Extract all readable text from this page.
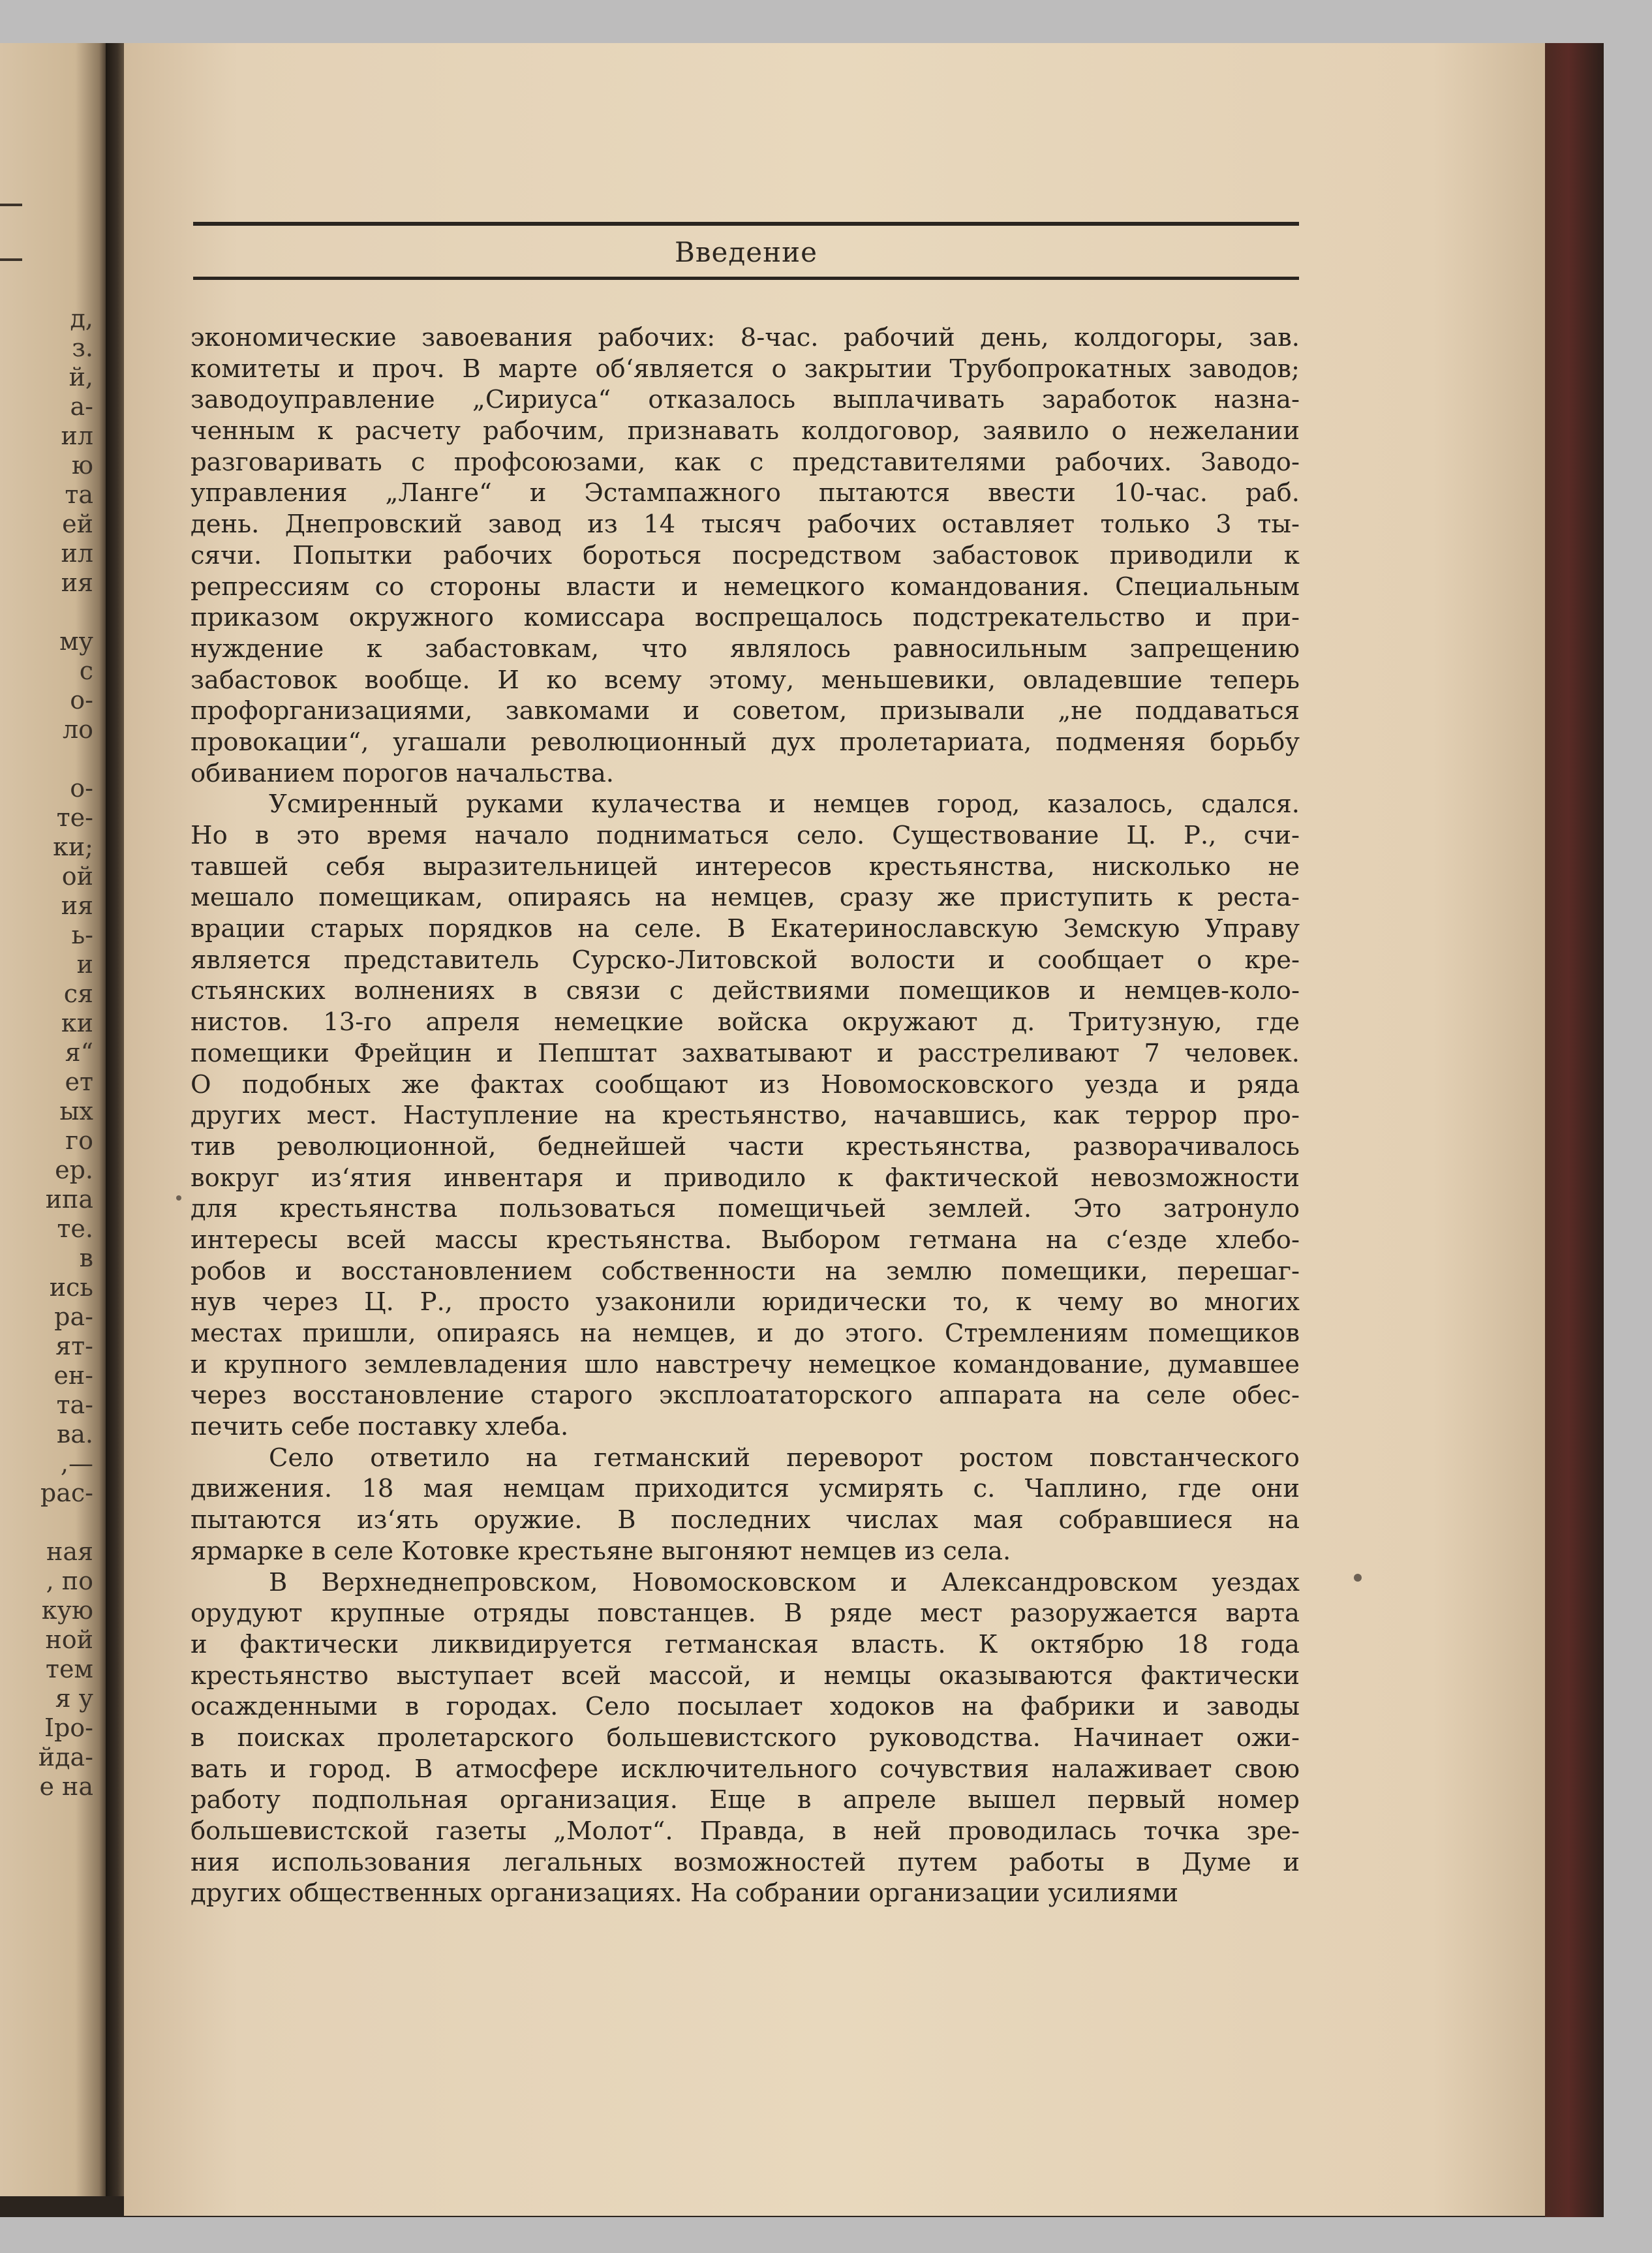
д,
з.
й,
а-
ил
ю
та
ей
ил
ия
му
с
о-
ло
о-
те-
ки;
ой
ия
ь-
и
ся
ки
я“
ет
ых
го
ер.
ипа
те.
в
ись
ра-
ят-
ен-
та-
ва.
,—
рас-
ная
, по
кую
ной
тем
я у
Іро-
йда-
е на
Введение
экономические завоевания рабочих: 8-час. рабочий день, колдогоры, зав.
комитеты и проч. В марте об‘является о закрытии Трубопрокатных заводов;
заводоуправление „Сириуса“ отказалось выплачивать заработок назна-
ченным к расчету рабочим, признавать колдоговор, заявило о нежелании
разговаривать с профсоюзами, как с представителями рабочих. Заводо-
управления „Ланге“ и Эстампажного пытаются ввести 10-час. раб.
день. Днепровский завод из 14 тысяч рабочих оставляет только 3 ты-
сячи. Попытки рабочих бороться посредством забастовок приводили к
репрессиям со стороны власти и немецкого командования. Специальным
приказом окружного комиссара воспрещалось подстрекательство и при-
нуждение к забастовкам, что являлось равносильным запрещению
забастовок вообще. И ко всему этому, меньшевики, овладевшие теперь
профорганизациями, завкомами и советом, призывали „не поддаваться
провокации“, угашали революционный дух пролетариата, подменяя борьбу
обиванием порогов начальства.
Усмиренный руками кулачества и немцев город, казалось, сдался.
Но в это время начало подниматься село. Существование Ц. Р., счи-
тавшей себя выразительницей интересов крестьянства, нисколько не
мешало помещикам, опираясь на немцев, сразу же приступить к реста-
врации старых порядков на селе. В Екатеринославскую Земскую Управу
является представитель Сурско-Литовской волости и сообщает о кре-
стьянских волнениях в связи с действиями помещиков и немцев-коло-
нистов. 13-го апреля немецкие войска окружают д. Тритузную, где
помещики Фрейцин и Пепштат захватывают и расстреливают 7 человек.
О подобных же фактах сообщают из Новомосковского уезда и ряда
других мест. Наступление на крестьянство, начавшись, как террор про-
тив революционной, беднейшей части крестьянства, разворачивалось
вокруг из‘ятия инвентаря и приводило к фактической невозможности
для крестьянства пользоваться помещичьей землей. Это затронуло
интересы всей массы крестьянства. Выбором гетмана на с‘езде хлебо-
робов и восстановлением собственности на землю помещики, перешаг-
нув через Ц. Р., просто узаконили юридически то, к чему во многих
местах пришли, опираясь на немцев, и до этого. Стремлениям помещиков
и крупного землевладения шло навстречу немецкое командование, думавшее
через восстановление старого эксплоататорского аппарата на селе обес-
печить себе поставку хлеба.
Село ответило на гетманский переворот ростом повстанческого
движения. 18 мая немцам приходится усмирять с. Чаплино, где они
пытаются из‘ять оружие. В последних числах мая собравшиеся на
ярмарке в селе Котовке крестьяне выгоняют немцев из села.
В Верхнеднепровском, Новомосковском и Александровском уездах
орудуют крупные отряды повстанцев. В ряде мест разоружается варта
и фактически ликвидируется гетманская власть. К октябрю 18 года
крестьянство выступает всей массой, и немцы оказываются фактически
осажденными в городах. Село посылает ходоков на фабрики и заводы
в поисках пролетарского большевистского руководства. Начинает ожи-
вать и город. В атмосфере исключительного сочувствия налаживает свою
работу подпольная организация. Еще в апреле вышел первый номер
большевистской газеты „Молот“. Правда, в ней проводилась точка зре-
ния использования легальных возможностей путем работы в Думе и
других общественных организациях. На собрании организации усилиями
